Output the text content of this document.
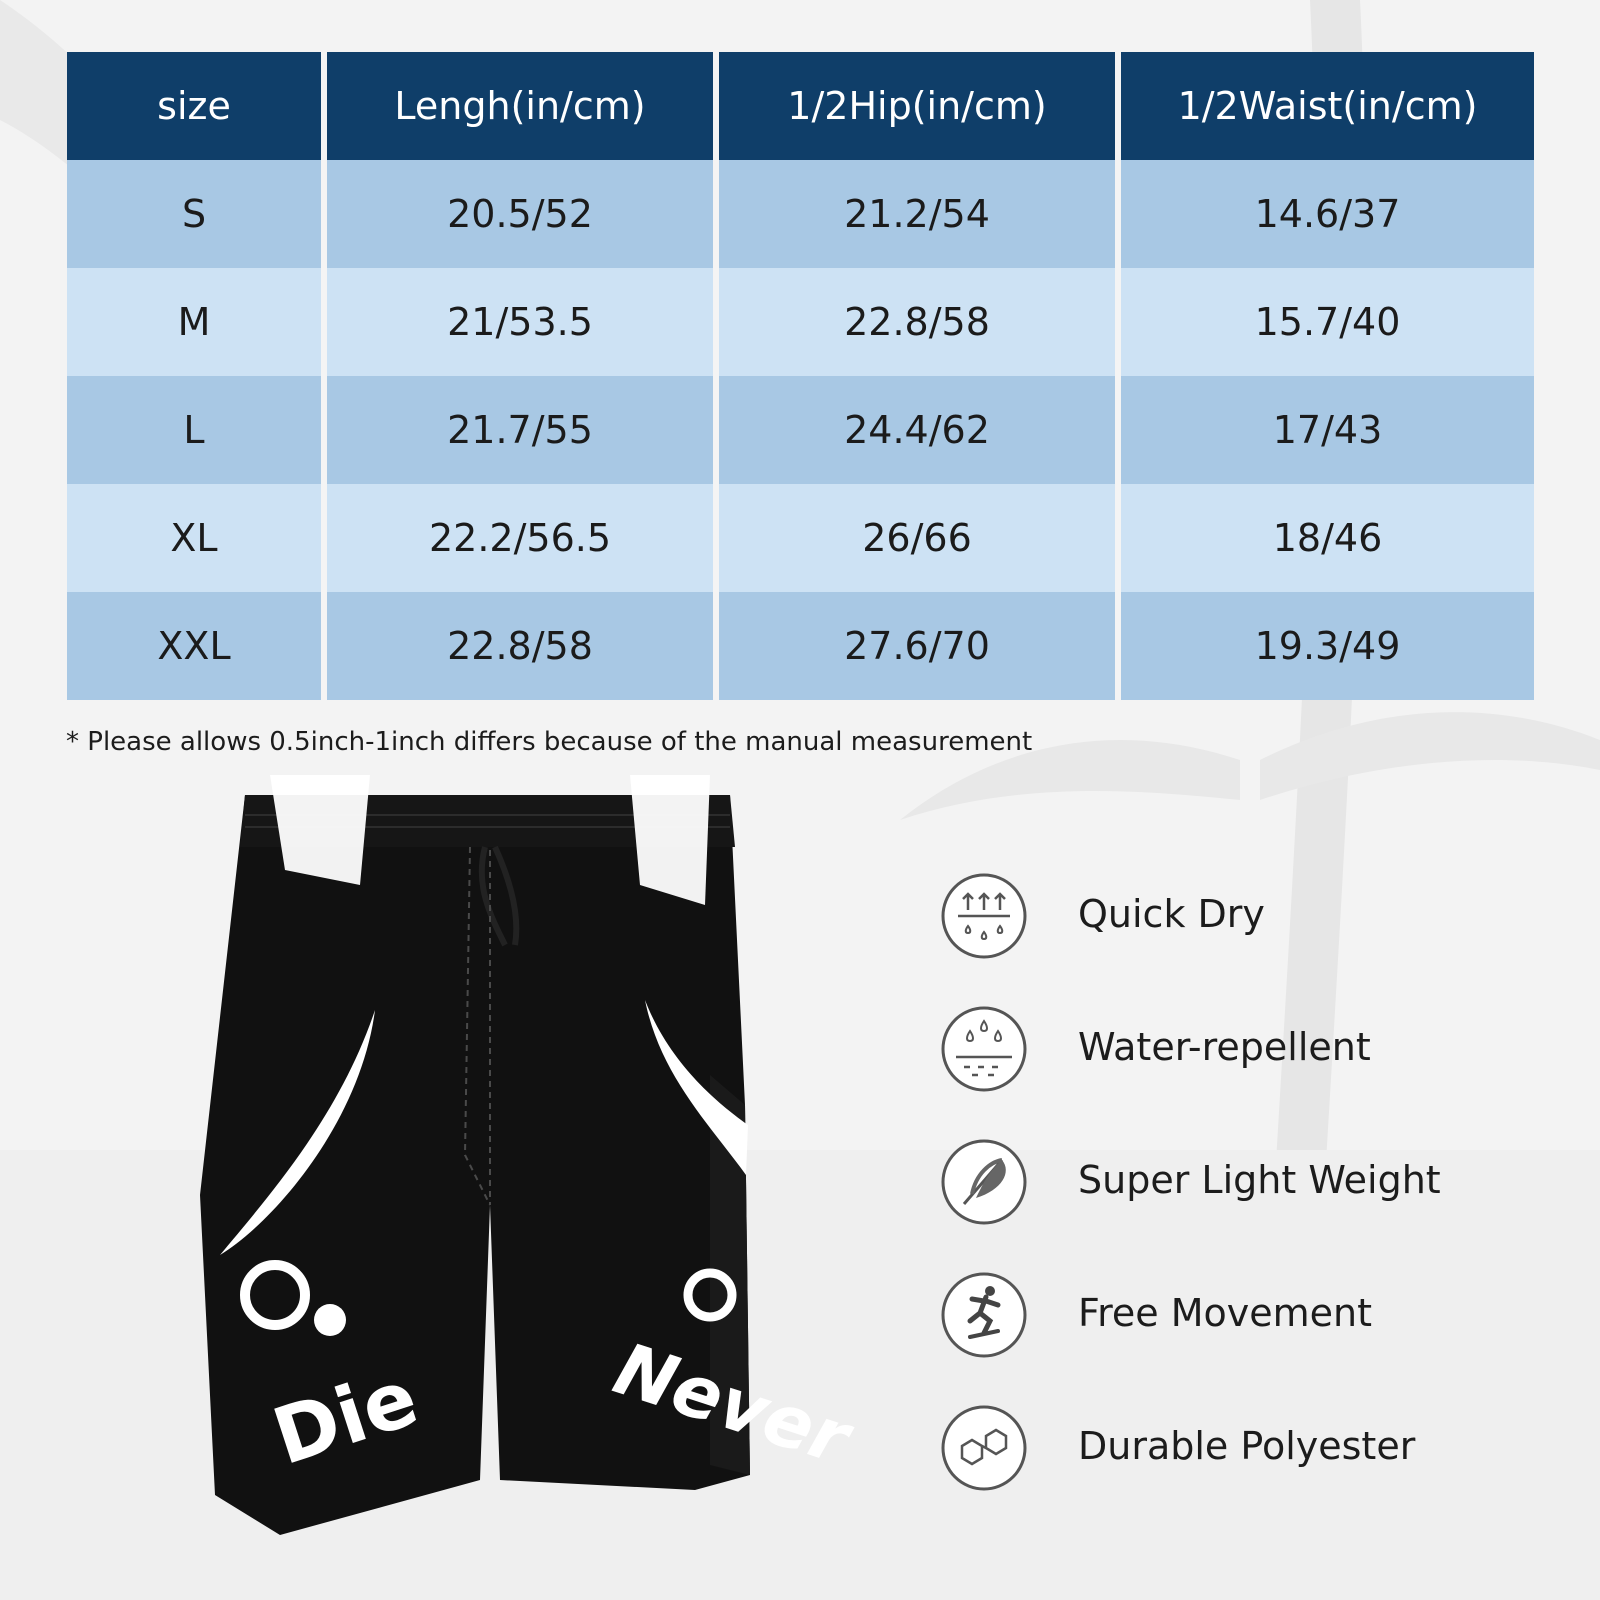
size	Lengh(in/cm)	1/2Hip(in/cm)	1/2Waist(in/cm)
S	20.5/52	21.2/54	14.6/37
M	21/53.5	22.8/58	15.7/40
L	21.7/55	24.4/62	17/43
XL	22.2/56.5	26/66	18/46
XXL	22.8/58	27.6/70	19.3/49
* Please allows 0.5inch-1inch differs because of the manual measurement
Die Never
Quick Dry
Water-repellent
Super Light Weight
Free Movement
Durable Polyester
